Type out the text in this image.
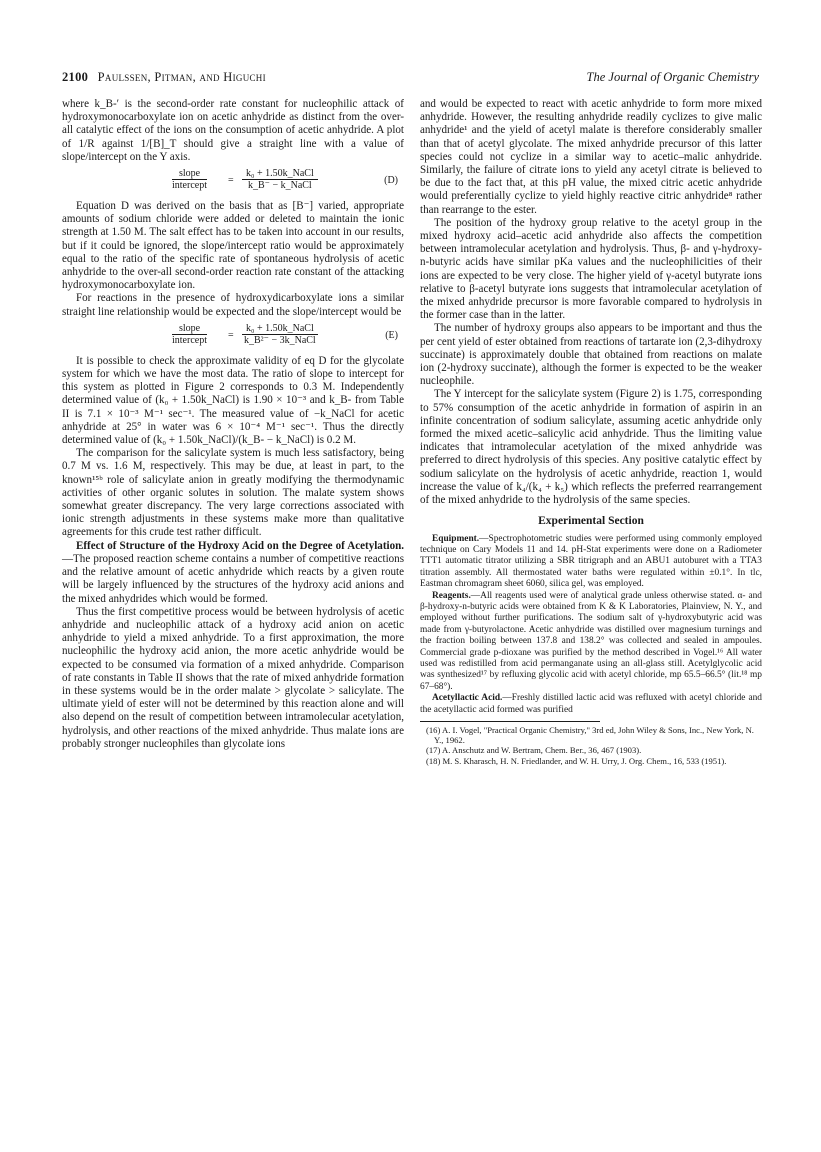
2100 Paulssen, Pitman, and Higuchi	The Journal of Organic Chemistry

where k_B-′ is the second-order rate constant for nucleophilic attack of hydroxymonocarboxylate ion on acetic anhydride as distinct from the over-all catalytic effect of the ions on the consumption of acetic anhydride. A plot of 1/R against 1/[B]_T should give a straight line with a value of slope/intercept on the Y axis.

slope
intercept =
k₀ + 1.50k_NaCl
k_B⁻ − k_NaCl	(D)

Equation D was derived on the basis that as [B⁻] varied, appropriate amounts of sodium chloride were added or deleted to maintain the ionic strength at 1.50 M. The salt effect has to be taken into account in our results, but if it could be ignored, the slope/intercept ratio would be approximately equal to the ratio of the specific rate of spontaneous hydrolysis of acetic anhydride to the over-all second-order reaction rate constant of the attacking hydroxymonocarboxylate ion.

For reactions in the presence of hydroxydicarboxylate ions a similar straight line relationship would be expected and the slope/intercept would be

slope
intercept =
k₀ + 1.50k_NaCl
k_B²⁻ − 3k_NaCl	(E)

It is possible to check the approximate validity of eq D for the glycolate system for which we have the most data. The ratio of slope to intercept for this system as plotted in Figure 2 corresponds to 0.3 M. Independently determined value of (k₀ + 1.50k_NaCl) is 1.90 × 10⁻³ and k_B- from Table II is 7.1 × 10⁻³ M⁻¹ sec⁻¹. The measured value of −k_NaCl for acetic anhydride at 25° in water was 6 × 10⁻⁴ M⁻¹ sec⁻¹. Thus the directly determined value of (k₀ + 1.50k_NaCl)/(k_B- − k_NaCl) is 0.2 M.

The comparison for the salicylate system is much less satisfactory, being 0.7 M vs. 1.6 M, respectively. This may be due, at least in part, to the known¹⁵ᵇ role of salicylate anion in greatly modifying the thermodynamic activities of other organic solutes in solution. The malate system shows somewhat greater discrepancy. The very large corrections associated with ionic strength adjustments in these systems make more than qualitative agreements for this crude test rather difficult.

Effect of Structure of the Hydroxy Acid on the Degree of Acetylation.—The proposed reaction scheme contains a number of competitive reactions and the relative amount of acetic anhydride which reacts by a given route will be largely influenced by the structures of the hydroxy acid anions and the mixed anhydrides which would be formed.

Thus the first competitive process would be between hydrolysis of acetic anhydride and nucleophilic attack of a hydroxy acid anion on acetic anhydride to yield a mixed anhydride. To a first approximation, the more nucleophilic the hydroxy acid anion, the more acetic anhydride would be expected to be consumed via formation of a mixed anhydride. Comparison of rate constants in Table II shows that the rate of mixed anhydride formation in these systems would be in the order malate > glycolate > salicylate. The ultimate yield of ester will not be determined by this reaction alone and will also depend on the result of competition between intramolecular acetylation, hydrolysis, and other reactions of the mixed anhydride. Thus malate ions are probably stronger nucleophiles than glycolate ions

and would be expected to react with acetic anhydride to form more mixed anhydride. However, the resulting anhydride readily cyclizes to give malic anhydride¹ and the yield of acetyl malate is therefore considerably smaller than that of acetyl glycolate. The mixed anhydride precursor of this latter species could not cyclize in a similar way to acetic–malic anhydride. Similarly, the failure of citrate ions to yield any acetyl citrate is believed to be due to the fact that, at this pH value, the mixed citric acetic anhydride would preferentially cyclize to yield highly reactive citric anhydride⁸ rather than rearrange to the ester.

The position of the hydroxy group relative to the acetyl group in the mixed hydroxy acid–acetic acid anhydride also affects the competition between intramolecular acetylation and hydrolysis. Thus, β- and γ-hydroxy-n-butyric acids have similar pKa values and the nucleophilicities of their ions are expected to be very close. The higher yield of γ-acetyl butyrate ions relative to β-acetyl butyrate ions suggests that intramolecular acetylation of the mixed anhydride precursor is more favorable compared to hydrolysis in the former case than in the latter.

The number of hydroxy groups also appears to be important and thus the per cent yield of ester obtained from reactions of tartarate ion (2,3-dihydroxy succinate) is approximately double that obtained from reactions on malate ion (2-hydroxy succinate), although the former is expected to be the weaker nucleophile.

The Y intercept for the salicylate system (Figure 2) is 1.75, corresponding to 57% consumption of the acetic anhydride in formation of aspirin in an infinite concentration of sodium salicylate, assuming acetic anhydride only formed the mixed acetic–salicylic acid anhydride. Thus the limiting value indicates that intramolecular acetylation of the mixed anhydride was preferred to direct hydrolysis of this species. Any positive catalytic effect by sodium salicylate on the hydrolysis of acetic anhydride, reaction 1, would increase the value of k₄/(k₄ + k₅) which reflects the preferred rearrangement of the mixed anhydride to the hydrolysis of the same species.

Experimental Section

Equipment.—Spectrophotometric studies were performed using commonly employed technique on Cary Models 11 and 14. pH-Stat experiments were done on a Radiometer TTT1 automatic titrator utilizing a SBR titrigraph and an ABU1 autoburet with a TTA3 titration assembly. All thermostated water baths were regulated within ±0.1°. In tlc, Eastman chromagram sheet 6060, silica gel, was employed.

Reagents.—All reagents used were of analytical grade unless otherwise stated. α- and β-hydroxy-n-butyric acids were obtained from K & K Laboratories, Plainview, N. Y., and employed without further purifications. The sodium salt of γ-hydroxybutyric acid was made from γ-butyrolactone. Acetic anhydride was distilled over magnesium turnings and the fraction boiling between 137.8 and 138.2° was collected and sealed in ampoules. Commercial grade p-dioxane was purified by the method described in Vogel.¹⁶ All water used was redistilled from acid permanganate using an all-glass still. Acetylglycolic acid was synthesized¹⁷ by refluxing glycolic acid with acetyl chloride, mp 65.5–66.5° (lit.¹⁸ mp 67–68°).

Acetyllactic Acid.—Freshly distilled lactic acid was refluxed with acetyl chloride and the acetyllactic acid formed was purified

(16) A. I. Vogel, "Practical Organic Chemistry," 3rd ed, John Wiley & Sons, Inc., New York, N. Y., 1962.
(17) A. Anschutz and W. Bertram, Chem. Ber., 36, 467 (1903).
(18) M. S. Kharasch, H. N. Friedlander, and W. H. Urry, J. Org. Chem., 16, 533 (1951).
